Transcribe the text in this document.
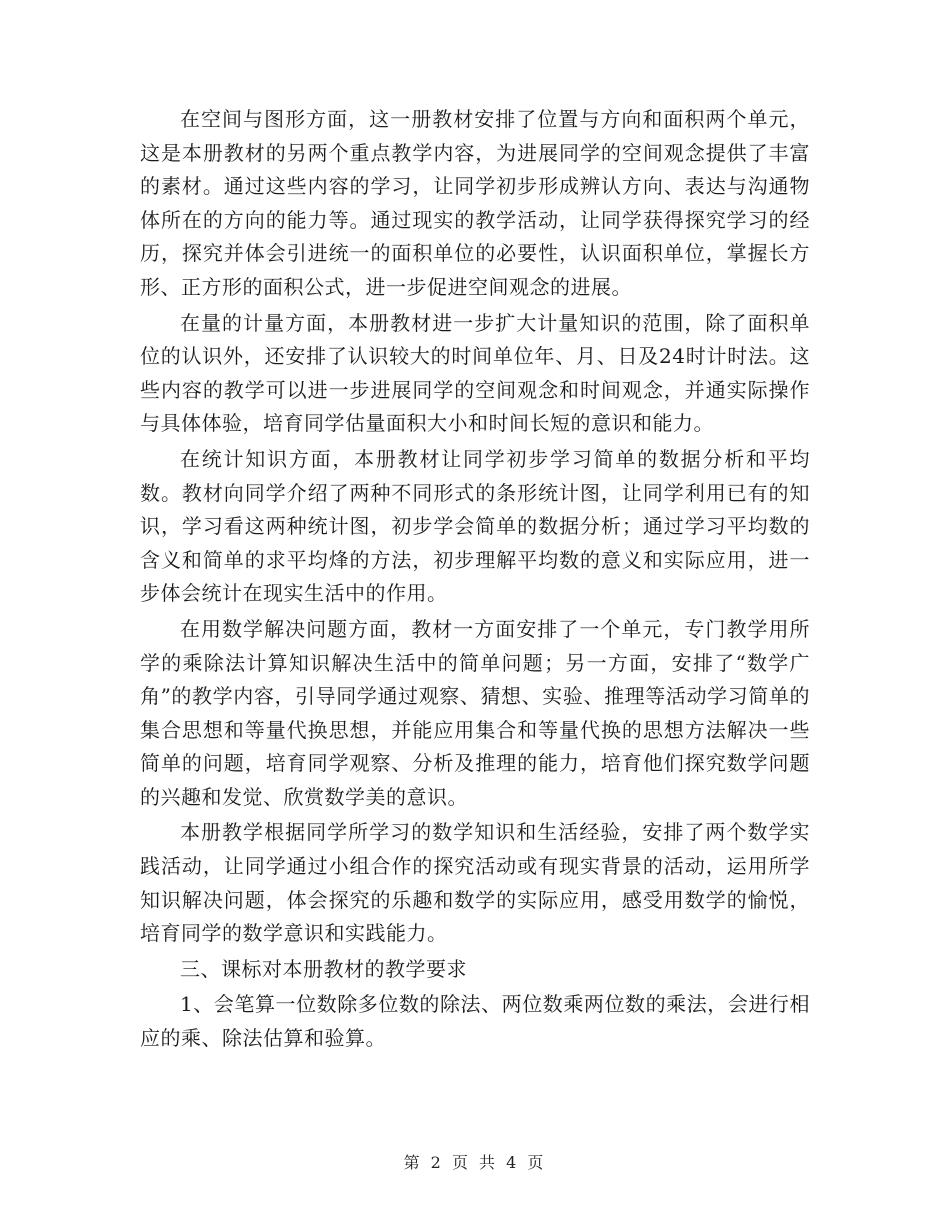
在空间与图形方面，这一册教材安排了位置与方向和面积两个单元，这是本册教材的另两个重点教学内容，为进展同学的空间观念提供了丰富的素材。通过这些内容的学习，让同学初步形成辨认方向、表达与沟通物体所在的方向的能力等。通过现实的教学活动，让同学获得探究学习的经历，探究并体会引进统一的面积单位的必要性，认识面积单位，掌握长方形、正方形的面积公式，进一步促进空间观念的进展。

在量的计量方面，本册教材进一步扩大计量知识的范围，除了面积单位的认识外，还安排了认识较大的时间单位年、月、日及24时计时法。这些内容的教学可以进一步进展同学的空间观念和时间观念，并通实际操作与具体体验，培育同学估量面积大小和时间长短的意识和能力。

在统计知识方面，本册教材让同学初步学习简单的数据分析和平均数。教材向同学介绍了两种不同形式的条形统计图，让同学利用已有的知识，学习看这两种统计图，初步学会简单的数据分析；通过学习平均数的含义和简单的求平均烽的方法，初步理解平均数的意义和实际应用，进一步体会统计在现实生活中的作用。

在用数学解决问题方面，教材一方面安排了一个单元，专门教学用所学的乘除法计算知识解决生活中的简单问题；另一方面，安排了“数学广角”的教学内容，引导同学通过观察、猜想、实验、推理等活动学习简单的集合思想和等量代换思想，并能应用集合和等量代换的思想方法解决一些简单的问题，培育同学观察、分析及推理的能力，培育他们探究数学问题的兴趣和发觉、欣赏数学美的意识。

本册教学根据同学所学习的数学知识和生活经验，安排了两个数学实践活动，让同学通过小组合作的探究活动或有现实背景的活动，运用所学知识解决问题，体会探究的乐趣和数学的实际应用，感受用数学的愉悦，培育同学的数学意识和实践能力。

三、课标对本册教材的教学要求

1、会笔算一位数除多位数的除法、两位数乘两位数的乘法，会进行相应的乘、除法估算和验算。

第 2 页 共 4 页
